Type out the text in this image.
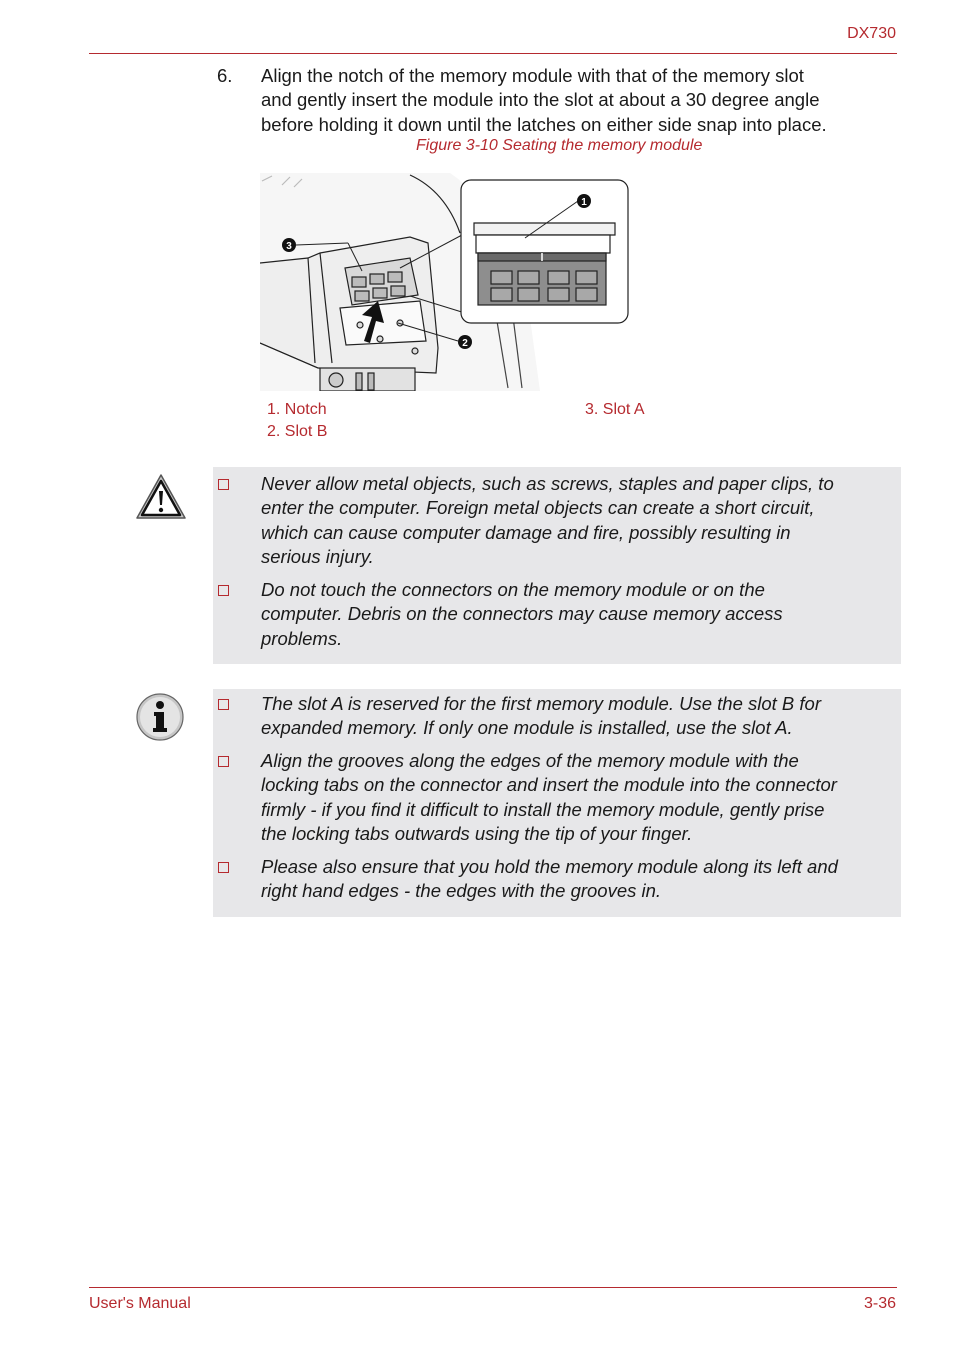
DX730
6. Align the notch of the memory module with that of the memory slot
and gently insert the module into the slot at about a 30 degree angle
before holding it down until the latches on either side snap into place.
Figure 3-10 Seating the memory module
1
3
2
1. Notch
2. Slot B
3. Slot A
Never allow metal objects, such as screws, staples and paper clips, to
enter the computer. Foreign metal objects can create a short circuit,
which can cause computer damage and fire, possibly resulting in
serious injury.
Do not touch the connectors on the memory module or on the
computer. Debris on the connectors may cause memory access
problems.
The slot A is reserved for the first memory module. Use the slot B for
expanded memory. If only one module is installed, use the slot A.
Align the grooves along the edges of the memory module with the
locking tabs on the connector and insert the module into the connector
firmly - if you find it difficult to install the memory module, gently prise
the locking tabs outwards using the tip of your finger.
Please also ensure that you hold the memory module along its left and
right hand edges - the edges with the grooves in.
User's Manual	3-36
